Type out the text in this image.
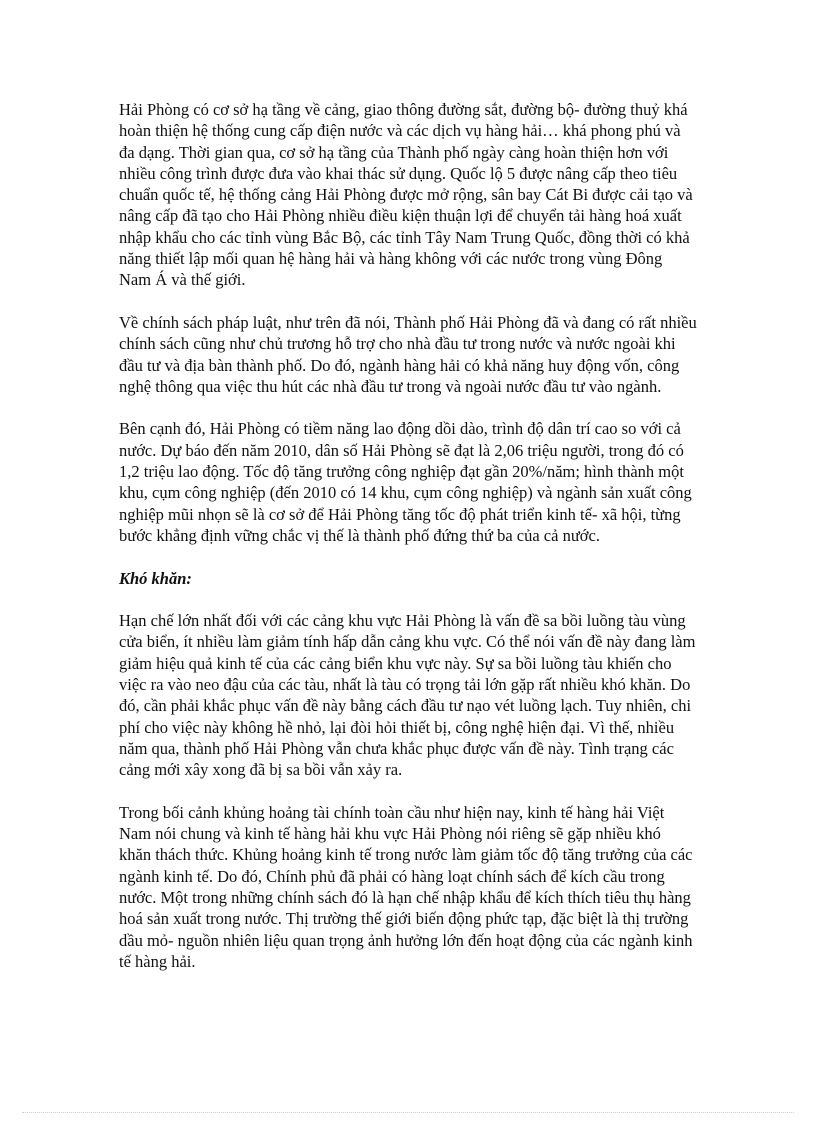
Hải Phòng có cơ sở hạ tầng về cảng, giao thông đường sắt, đường bộ- đường thuỷ khá hoàn thiện hệ thống cung cấp điện nước và các dịch vụ hàng hải… khá phong phú và đa dạng. Thời gian qua, cơ sở hạ tầng của Thành phố ngày càng hoàn thiện hơn với nhiều công trình được đưa vào khai thác sử dụng. Quốc lộ 5 được nâng cấp theo tiêu chuẩn quốc tế, hệ thống cảng Hải Phòng được mở rộng, sân bay Cát Bi được cải tạo và nâng cấp đã tạo cho Hải Phòng nhiều điều kiện thuận lợi để chuyển tải hàng hoá xuất nhập khẩu cho các tỉnh vùng Bắc Bộ, các tỉnh Tây Nam Trung Quốc, đồng thời có khả năng thiết lập mối quan hệ hàng hải và hàng không với các nước trong vùng Đông Nam Á và thế giới.

Về chính sách pháp luật, như trên đã nói, Thành phố Hải Phòng đã và đang có rất nhiều chính sách cũng như chủ trương hỗ trợ cho nhà đầu tư trong nước và nước ngoài khi đầu tư và địa bàn thành phố. Do đó, ngành hàng hải có khả năng huy động vốn, công nghệ thông qua việc thu hút các nhà đầu tư trong và ngoài nước đầu tư vào ngành.

Bên cạnh đó, Hải Phòng có tiềm năng lao động dồi dào, trình độ dân trí cao so với cả nước. Dự báo đến năm 2010, dân số Hải Phòng sẽ đạt là 2,06 triệu người, trong đó có 1,2 triệu lao động. Tốc độ tăng trưởng công nghiệp đạt gần 20%/năm; hình thành một khu, cụm công nghiệp (đến 2010 có 14 khu, cụm công nghiệp) và ngành sản xuất công nghiệp mũi nhọn sẽ là cơ sở để Hải Phòng tăng tốc độ phát triển kinh tế- xã hội, từng bước khẳng định vững chắc vị thế là thành phố đứng thứ ba của cả nước.

Khó khăn:

Hạn chế lớn nhất đối với các cảng khu vực Hải Phòng là vấn đề sa bồi luồng tàu vùng cửa biển, ít nhiều làm giảm tính hấp dẫn cảng khu vực. Có thể nói vấn đề này đang làm giảm hiệu quả kinh tế của các cảng biển khu vực này. Sự sa bồi luồng tàu khiến cho việc ra vào neo đậu của các tàu, nhất là tàu có trọng tải lớn gặp rất nhiều khó khăn. Do đó, cần phải khắc phục vấn đề này bằng cách đầu tư nạo vét luồng lạch. Tuy nhiên, chi phí cho việc này không hề nhỏ, lại đòi hỏi thiết bị, công nghệ hiện đại. Vì thế, nhiều năm qua, thành phố Hải Phòng vẫn chưa khắc phục được vấn đề này. Tình trạng các cảng mới xây xong đã bị sa bồi vẫn xảy ra.

Trong bối cảnh khủng hoảng tài chính toàn cầu như hiện nay, kinh tế hàng hải Việt Nam nói chung và kinh tế hàng hải khu vực Hải Phòng nói riêng sẽ gặp nhiều khó khăn thách thức. Khủng hoảng kinh tế trong nước làm giảm tốc độ tăng trưởng của các ngành kinh tế. Do đó, Chính phủ đã phải có hàng loạt chính sách để kích cầu trong nước. Một trong những chính sách đó là hạn chế nhập khẩu để kích thích tiêu thụ hàng hoá sản xuất trong nước. Thị trường thế giới biến động phức tạp, đặc biệt là thị trường dầu mỏ- nguồn nhiên liệu quan trọng ảnh hưởng lớn đến hoạt động của các ngành kinh tế hàng hải.
